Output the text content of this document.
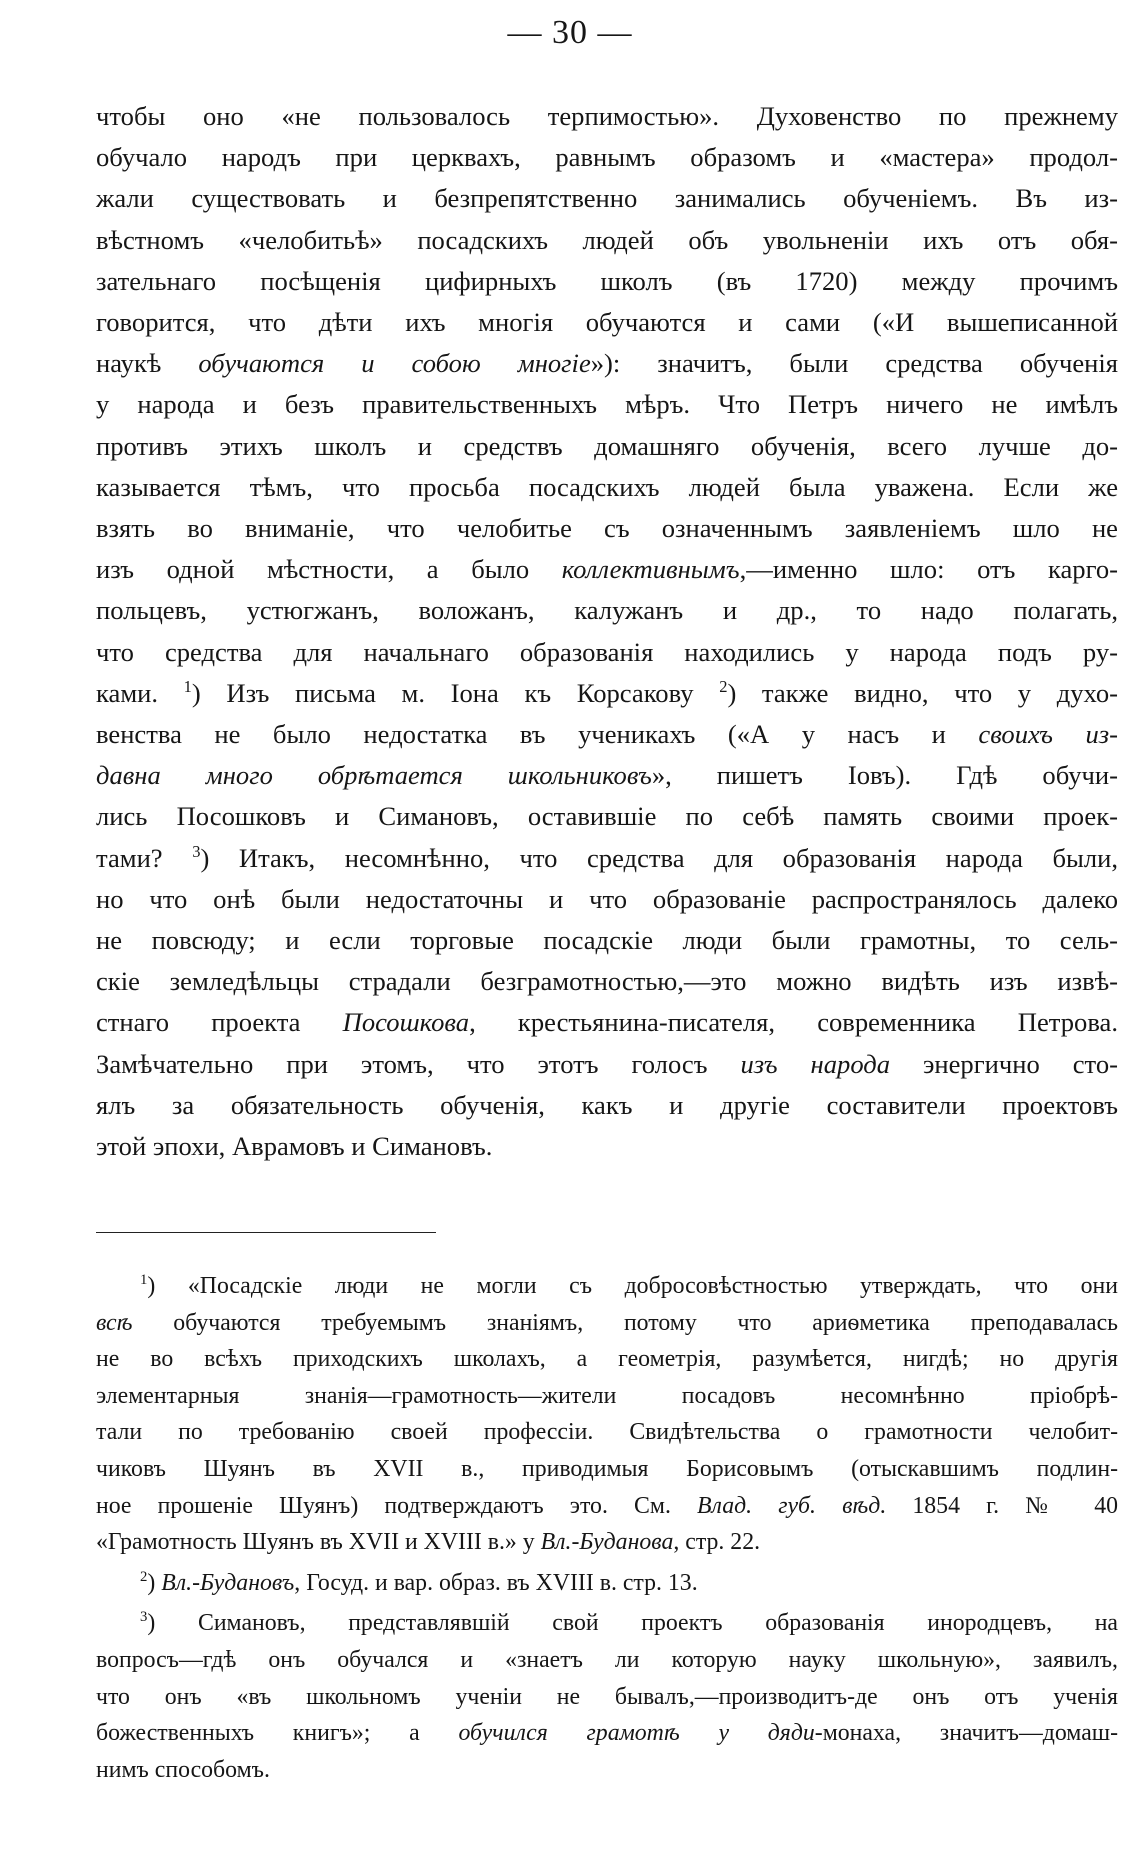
— 30 —
чтобы оно «не пользовалось терпимостью». Духовенство по прежнему
обучало народъ при церквахъ, равнымъ образомъ и «мастера» продол-
жали существовать и безпрепятственно занимались обученіемъ. Въ из-
вѣстномъ «челобитьѣ» посадскихъ людей объ увольненіи ихъ отъ обя-
зательнаго посѣщенія цифирныхъ школъ (въ 1720) между прочимъ
говорится, что дѣти ихъ многія обучаются и сами («И вышеписанной
наукѣ обучаются и собою многіе»): значитъ, были средства обученія
у народа и безъ правительственныхъ мѣръ. Что Петръ ничего не имѣлъ
противъ этихъ школъ и средствъ домашняго обученія, всего лучше до-
казывается тѣмъ, что просьба посадскихъ людей была уважена. Если же
взять во вниманіе, что челобитье съ означеннымъ заявленіемъ шло не
изъ одной мѣстности, а было коллективнымъ,—именно шло: отъ карго-
польцевъ, устюгжанъ, воложанъ, калужанъ и др., то надо полагать,
что средства для начальнаго образованія находились у народа подъ ру-
ками. $^1$) Изъ письма м. Іона къ Корсакову $^2$) также видно, что у духо-
венства не было недостатка въ ученикахъ («А у насъ и своихъ из-
давна много обрѣтается школьниковъ», пишетъ Іовъ). Гдѣ обучи-
лись Посошковъ и Симановъ, оставившіе по себѣ память своими проек-
тами? $^3$) Итакъ, несомнѣнно, что средства для образованія народа были,
но что онѣ были недостаточны и что образованіе распространялось далеко
не повсюду; и если торговые посадскіе люди были грамотны, то сель-
скіе земледѣльцы страдали безграмотностью,—это можно видѣть изъ извѣ-
стнаго проекта Посошкова, крестьянина-писателя, современника Петрова.
Замѣчательно при этомъ, что этотъ голосъ изъ народа энергично сто-
ялъ за обязательность обученія, какъ и другіе составители проектовъ
этой эпохи, Аврамовъ и Симановъ.
$^1$) «Посадскіе люди не могли съ добросовѣстностью утверждать, что они
всѣ обучаются требуемымъ знаніямъ, потому что ариѳметика преподавалась
не во всѣхъ приходскихъ школахъ, а геометрія, разумѣется, нигдѣ; но другія
элементарныя знанія—грамотность—жители посадовъ несомнѣнно пріобрѣ-
тали по требованію своей профессіи. Свидѣтельства о грамотности челобит-
чиковъ Шуянъ въ XVII в., приводимыя Борисовымъ (отыскавшимъ подлин-
ное прошеніе Шуянъ) подтверждаютъ это. См. Влад. губ. вѣд. 1854 г. № 40
«Грамотность Шуянъ въ XVII и XVIII в.» у Вл.-Буданова, стр. 22.
$^2$) Вл.-Будановъ, Госуд. и вар. образ. въ XVIII в. стр. 13.
$^3$) Симановъ, представлявшій свой проектъ образованія инородцевъ, на
вопросъ—гдѣ онъ обучался и «знаетъ ли которую науку школьную», заявилъ,
что онъ «въ школьномъ ученіи не бывалъ,—производитъ-де онъ отъ ученія
божественныхъ книгъ»; а обучился грамотѣ у дяди-монаха, значитъ—домаш-
нимъ способомъ.
